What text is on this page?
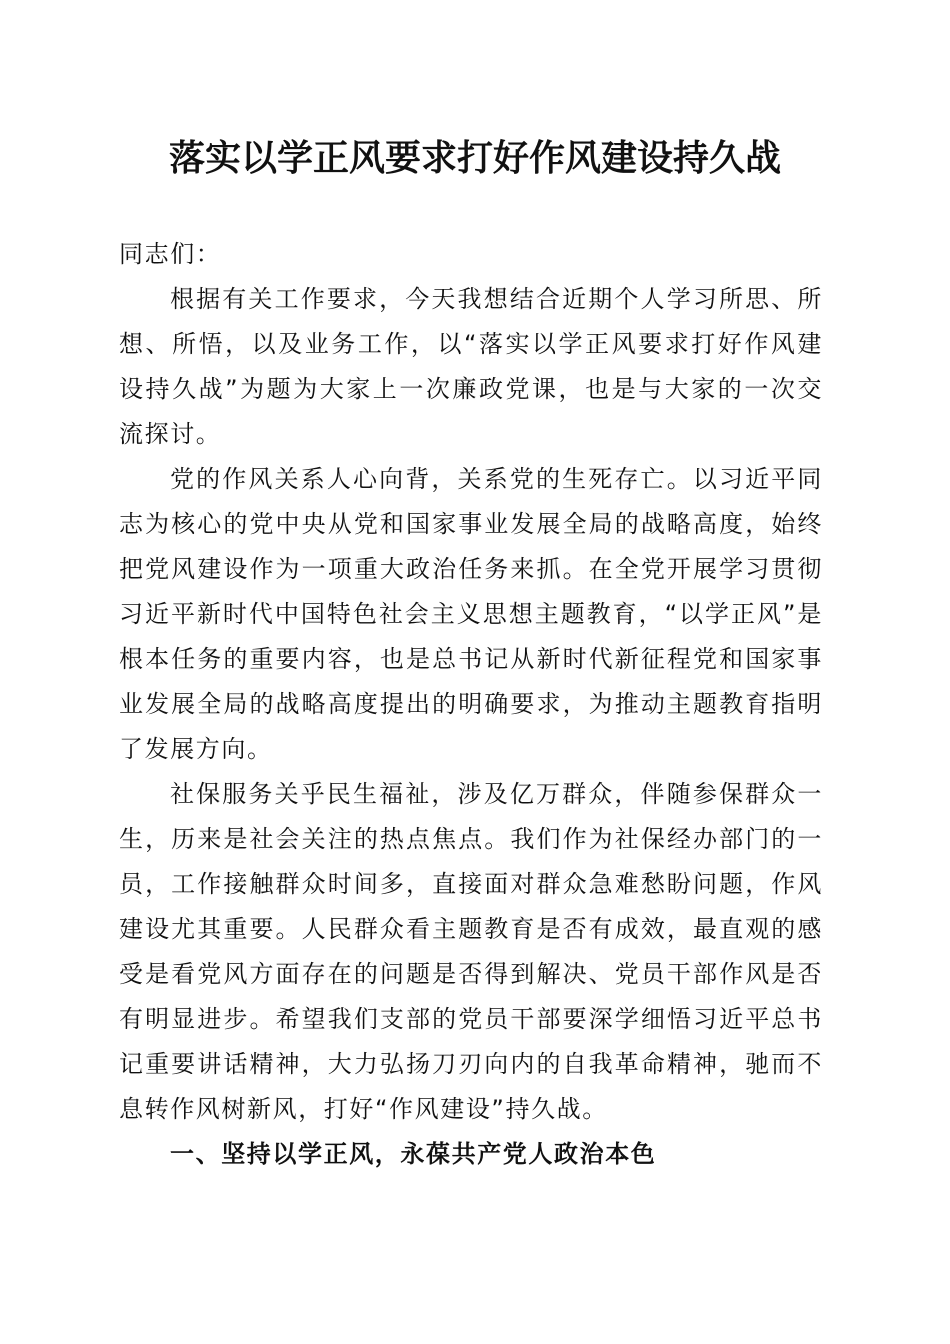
落实以学正风要求打好作风建设持久战

同志们：

根据有关工作要求，今天我想结合近期个人学习所思、所想、所悟，以及业务工作，以“落实以学正风要求打好作风建设持久战”为题为大家上一次廉政党课，也是与大家的一次交流探讨。

党的作风关系人心向背，关系党的生死存亡。以习近平同志为核心的党中央从党和国家事业发展全局的战略高度，始终把党风建设作为一项重大政治任务来抓。在全党开展学习贯彻习近平新时代中国特色社会主义思想主题教育，“以学正风”是根本任务的重要内容，也是总书记从新时代新征程党和国家事业发展全局的战略高度提出的明确要求，为推动主题教育指明了发展方向。

社保服务关乎民生福祉，涉及亿万群众，伴随参保群众一生，历来是社会关注的热点焦点。我们作为社保经办部门的一员，工作接触群众时间多，直接面对群众急难愁盼问题，作风建设尤其重要。人民群众看主题教育是否有成效，最直观的感受是看党风方面存在的问题是否得到解决、党员干部作风是否有明显进步。希望我们支部的党员干部要深学细悟习近平总书记重要讲话精神，大力弘扬刀刃向内的自我革命精神，驰而不息转作风树新风，打好“作风建设”持久战。

一、坚持以学正风，永葆共产党人政治本色
